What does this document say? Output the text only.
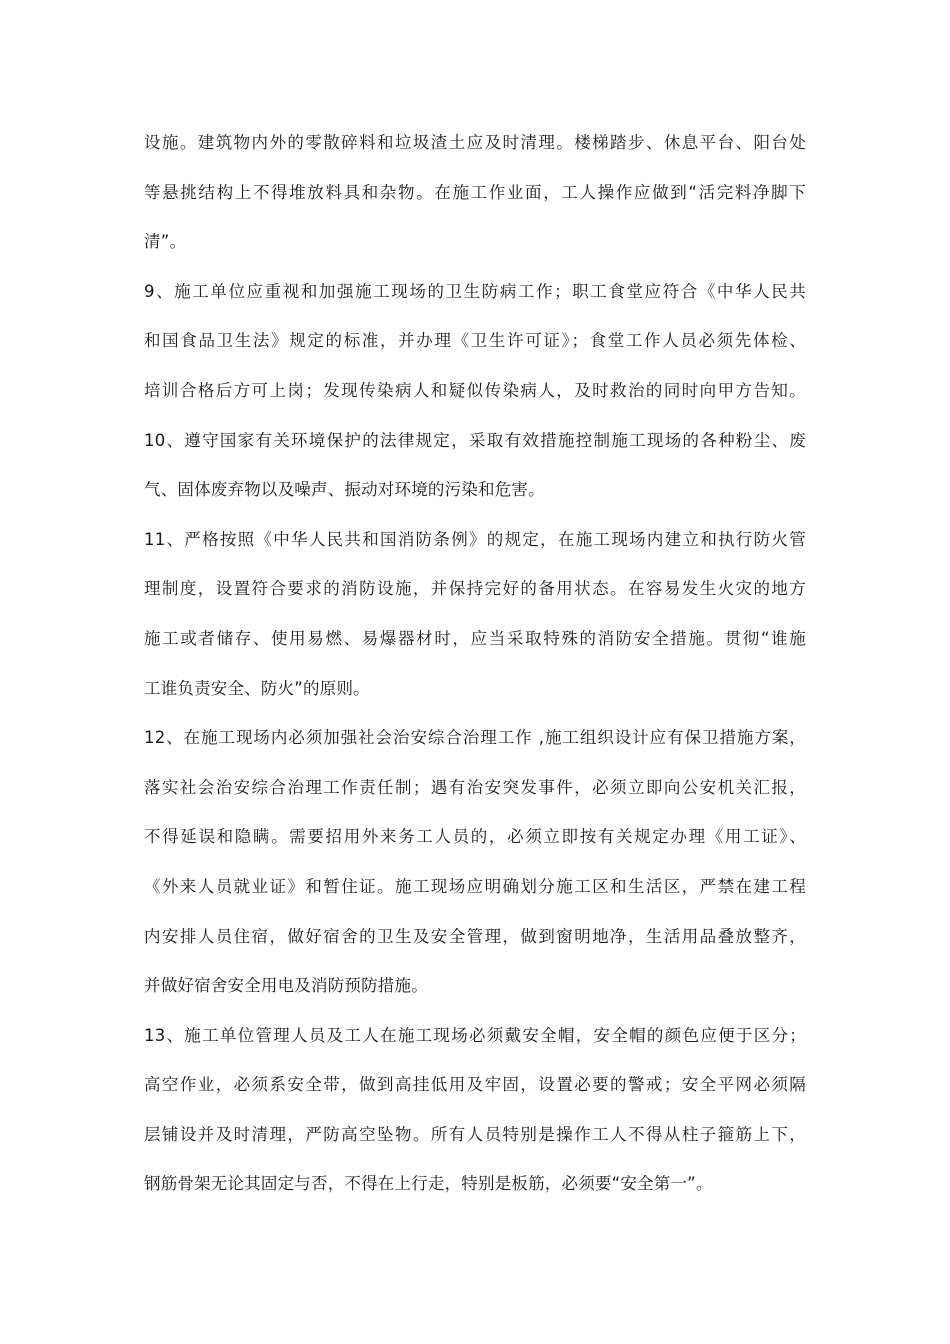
设施。建筑物内外的零散碎料和垃圾渣土应及时清理。楼梯踏步、休息平台、阳台处
等悬挑结构上不得堆放料具和杂物。在施工作业面，工人操作应做到“活完料净脚下
清”。
9、施工单位应重视和加强施工现场的卫生防病工作；职工食堂应符合《中华人民共
和国食品卫生法》规定的标准，并办理《卫生许可证》；食堂工作人员必须先体检、
培训合格后方可上岗；发现传染病人和疑似传染病人，及时救治的同时向甲方告知。
10、遵守国家有关环境保护的法律规定，采取有效措施控制施工现场的各种粉尘、废
气、固体废弃物以及噪声、振动对环境的污染和危害。
11、严格按照《中华人民共和国消防条例》的规定，在施工现场内建立和执行防火管
理制度，设置符合要求的消防设施，并保持完好的备用状态。在容易发生火灾的地方
施工或者储存、使用易燃、易爆器材时，应当采取特殊的消防安全措施。贯彻“谁施
工谁负责安全、防火”的原则。
12、在施工现场内必须加强社会治安综合治理工作 ,施工组织设计应有保卫措施方案，
落实社会治安综合治理工作责任制；遇有治安突发事件，必须立即向公安机关汇报，
不得延误和隐瞒。需要招用外来务工人员的，必须立即按有关规定办理《用工证》、
《外来人员就业证》和暂住证。施工现场应明确划分施工区和生活区，严禁在建工程
内安排人员住宿，做好宿舍的卫生及安全管理，做到窗明地净，生活用品叠放整齐，
并做好宿舍安全用电及消防预防措施。
13、施工单位管理人员及工人在施工现场必须戴安全帽，安全帽的颜色应便于区分；
高空作业，必须系安全带，做到高挂低用及牢固，设置必要的警戒；安全平网必须隔
层铺设并及时清理，严防高空坠物。所有人员特别是操作工人不得从柱子箍筋上下，
钢筋骨架无论其固定与否，不得在上行走，特别是板筋，必须要“安全第一”。
